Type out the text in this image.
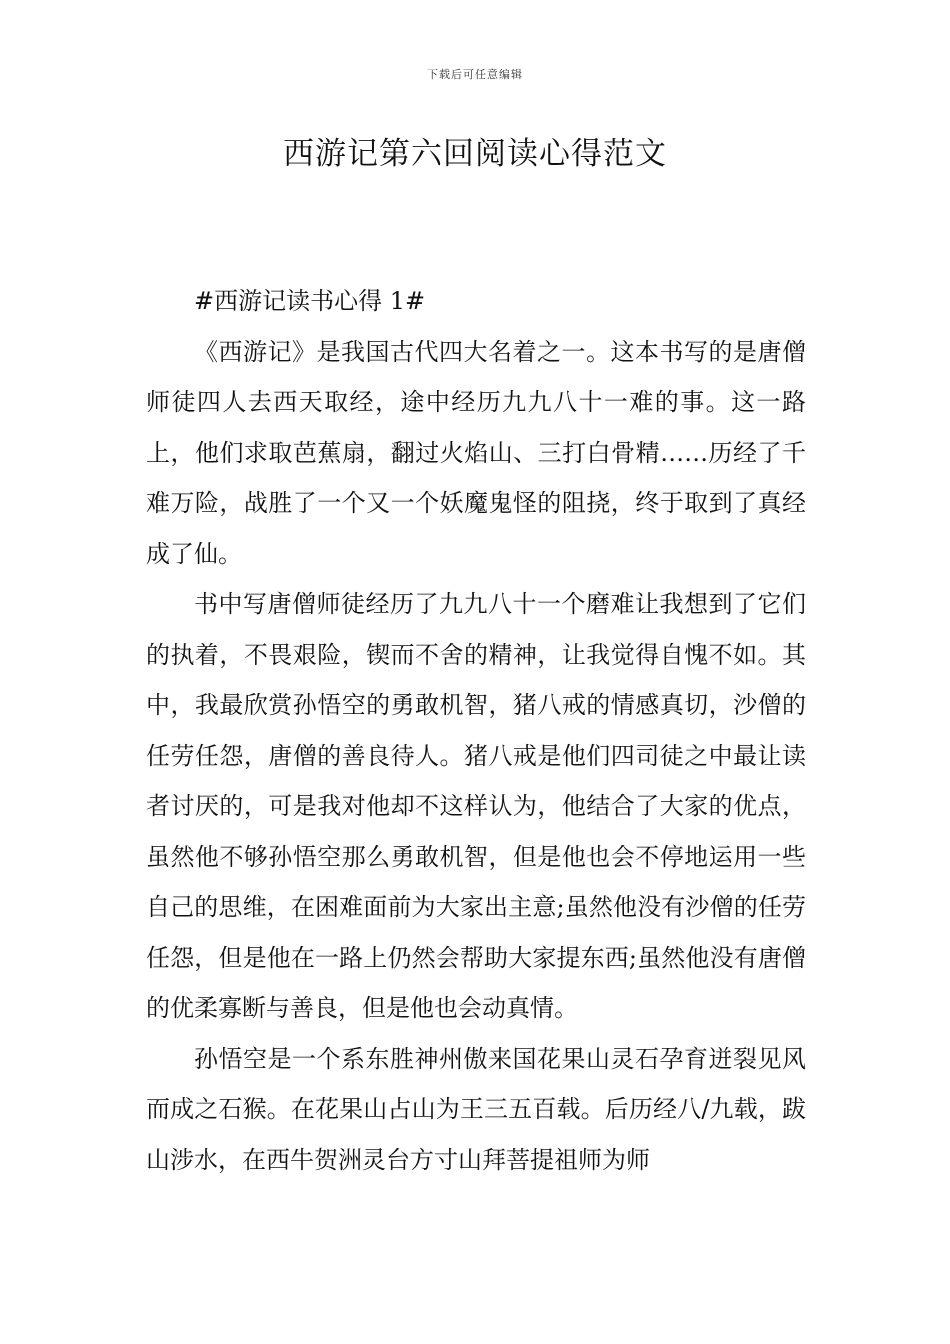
下载后可任意编辑
西游记第六回阅读心得范文

#西游记读书心得 1#

《西游记》是我国古代四大名着之一。这本书写的是唐僧师徒四人去西天取经，途中经历九九八十一难的事。这一路上，他们求取芭蕉扇，翻过火焰山、三打白骨精……历经了千难万险，战胜了一个又一个妖魔鬼怪的阻挠，终于取到了真经成了仙。

书中写唐僧师徒经历了九九八十一个磨难让我想到了它们的执着，不畏艰险，锲而不舍的精神，让我觉得自愧不如。其中，我最欣赏孙悟空的勇敢机智，猪八戒的情感真切，沙僧的任劳任怨，唐僧的善良待人。猪八戒是他们四司徒之中最让读者讨厌的，可是我对他却不这样认为，他结合了大家的优点，虽然他不够孙悟空那么勇敢机智，但是他也会不停地运用一些自己的思维，在困难面前为大家出主意;虽然他没有沙僧的任劳任怨，但是他在一路上仍然会帮助大家提东西;虽然他没有唐僧的优柔寡断与善良，但是他也会动真情。

孙悟空是一个系东胜神州傲来国花果山灵石孕育迸裂见风而成之石猴。在花果山占山为王三五百载。后历经八/九载，跋山涉水，在西牛贺洲灵台方寸山拜菩提祖师为师
